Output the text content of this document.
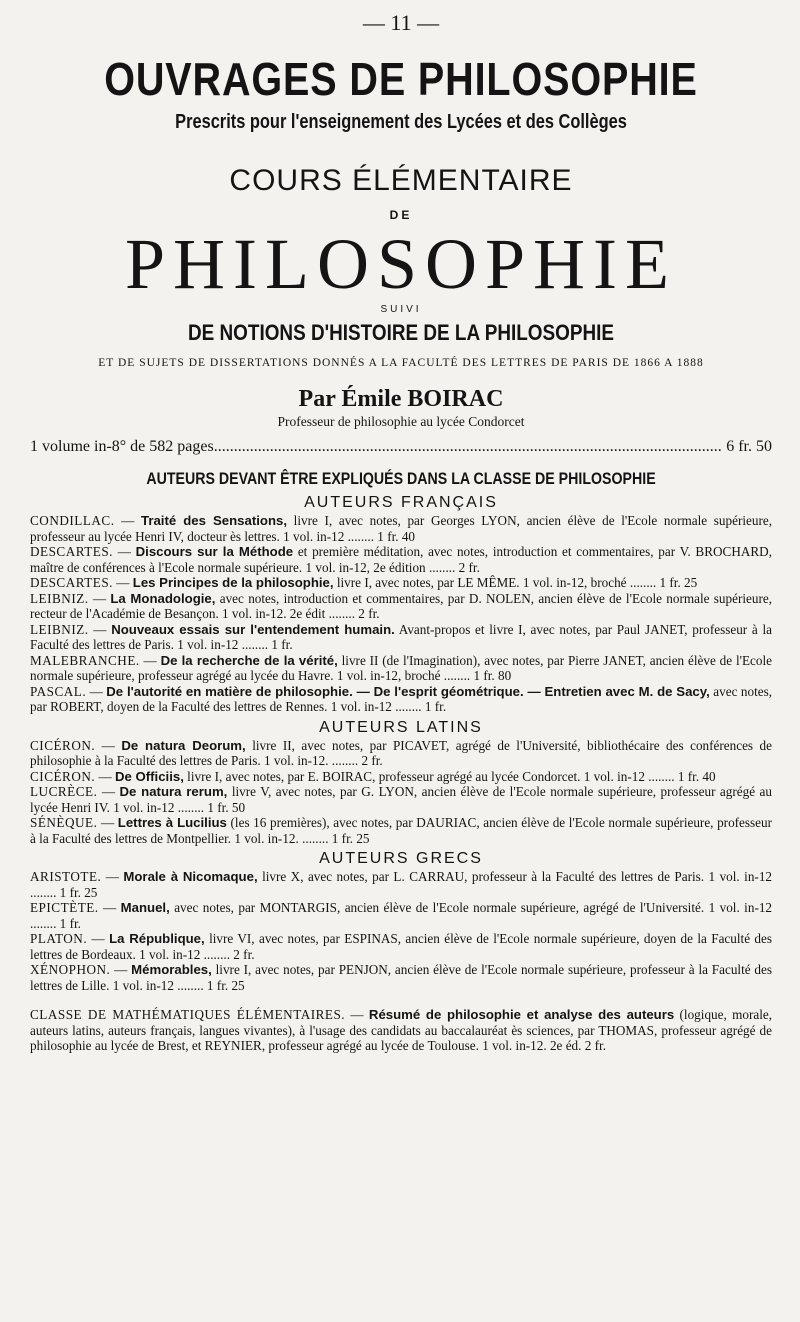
— 11 —
OUVRAGES DE PHILOSOPHIE
Prescrits pour l'enseignement des Lycées et des Collèges
COURS ÉLÉMENTAIRE
DE
PHILOSOPHIE
SUIVI
DE NOTIONS D'HISTOIRE DE LA PHILOSOPHIE
ET DE SUJETS DE DISSERTATIONS DONNÉS A LA FACULTÉ DES LETTRES DE PARIS DE 1866 A 1888
Par Émile BOIRAC
Professeur de philosophie au lycée Condorcet
1 volume in-8° de 582 pages
.....	6 fr. 50
AUTEURS DEVANT ÊTRE EXPLIQUÉS DANS LA CLASSE DE PHILOSOPHIE
AUTEURS FRANÇAIS
CONDILLAC. — Traité des Sensations, livre I, avec notes, par Georges LYON, ancien élève de l'Ecole normale supérieure, professeur au lycée Henri IV, docteur ès lettres. 1 vol. in-12 ........ 1 fr. 40
DESCARTES. — Discours sur la Méthode et première méditation, avec notes, introduction et commentaires, par V. BROCHARD, maître de conférences à l'Ecole normale supérieure. 1 vol. in-12, 2e édition ........ 2 fr.
DESCARTES. — Les Principes de la philosophie, livre I, avec notes, par LE MÊME. 1 vol. in-12, broché ........ 1 fr. 25
LEIBNIZ. — La Monadologie, avec notes, introduction et commentaires, par D. NOLEN, ancien élève de l'Ecole normale supérieure, recteur de l'Académie de Besançon. 1 vol. in-12. 2e édit ........ 2 fr.
LEIBNIZ. — Nouveaux essais sur l'entendement humain. Avant-propos et livre I, avec notes, par Paul JANET, professeur à la Faculté des lettres de Paris. 1 vol. in-12 ........ 1 fr.
MALEBRANCHE. — De la recherche de la vérité, livre II (de l'Imagination), avec notes, par Pierre JANET, ancien élève de l'Ecole normale supérieure, professeur agrégé au lycée du Havre. 1 vol. in-12, broché ........ 1 fr. 80
PASCAL. — De l'autorité en matière de philosophie. — De l'esprit géométrique. — Entretien avec M. de Sacy, avec notes, par ROBERT, doyen de la Faculté des lettres de Rennes. 1 vol. in-12 ........ 1 fr.
AUTEURS LATINS
CICÉRON. — De natura Deorum, livre II, avec notes, par PICAVET, agrégé de l'Université, bibliothécaire des conférences de philosophie à la Faculté des lettres de Paris. 1 vol. in-12. ........ 2 fr.
CICÉRON. — De Officiis, livre I, avec notes, par E. BOIRAC, professeur agrégé au lycée Condorcet. 1 vol. in-12 ........ 1 fr. 40
LUCRÈCE. — De natura rerum, livre V, avec notes, par G. LYON, ancien élève de l'Ecole normale supérieure, professeur agrégé au lycée Henri IV. 1 vol. in-12 ........ 1 fr. 50
SÉNÈQUE. — Lettres à Lucilius (les 16 premières), avec notes, par DAURIAC, ancien élève de l'Ecole normale supérieure, professeur à la Faculté des lettres de Montpellier. 1 vol. in-12. ........ 1 fr. 25
AUTEURS GRECS
ARISTOTE. — Morale à Nicomaque, livre X, avec notes, par L. CARRAU, professeur à la Faculté des lettres de Paris. 1 vol. in-12 ........ 1 fr. 25
EPICTÈTE. — Manuel, avec notes, par MONTARGIS, ancien élève de l'Ecole normale supérieure, agrégé de l'Université. 1 vol. in-12 ........ 1 fr.
PLATON. — La République, livre VI, avec notes, par ESPINAS, ancien élève de l'Ecole normale supérieure, doyen de la Faculté des lettres de Bordeaux. 1 vol. in-12 ........ 2 fr.
XÉNOPHON. — Mémorables, livre I, avec notes, par PENJON, ancien élève de l'Ecole normale supérieure, professeur à la Faculté des lettres de Lille. 1 vol. in-12 ........ 1 fr. 25
CLASSE DE MATHÉMATIQUES ÉLÉMENTAIRES. — Résumé de philosophie et analyse des auteurs (logique, morale, auteurs latins, auteurs français, langues vivantes), à l'usage des candidats au baccalauréat ès sciences, par THOMAS, professeur agrégé de philosophie au lycée de Brest, et REYNIER, professeur agrégé au lycée de Toulouse. 1 vol. in-12. 2e éd. 2 fr.
